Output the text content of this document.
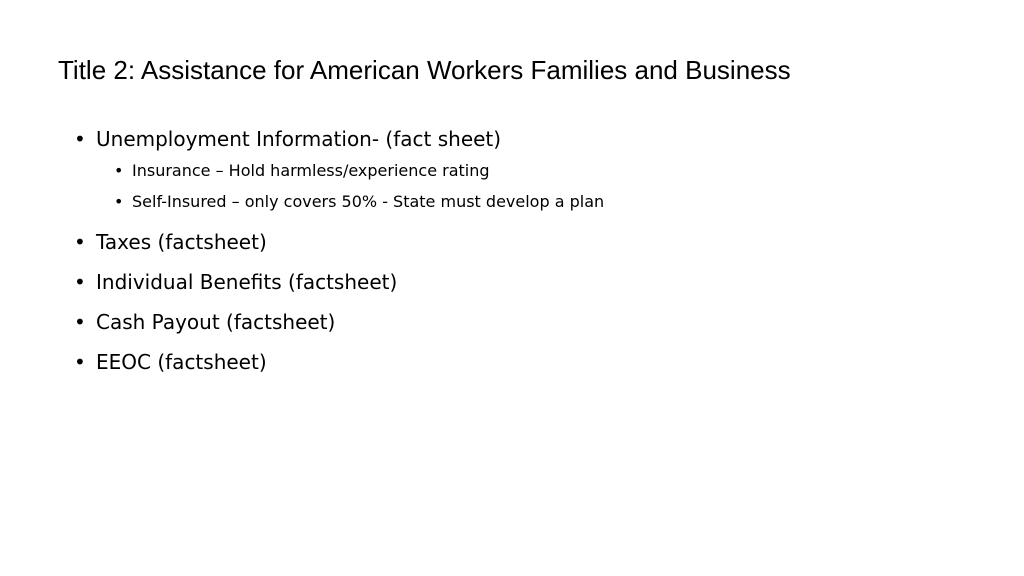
Title 2: Assistance for American Workers Families and Business
• Unemployment Information- (fact sheet)
• Insurance – Hold harmless/experience rating
• Self-Insured – only covers 50% - State must develop a plan
• Taxes (factsheet)
• Individual Benefits (factsheet)
• Cash Payout (factsheet)
• EEOC (factsheet)
